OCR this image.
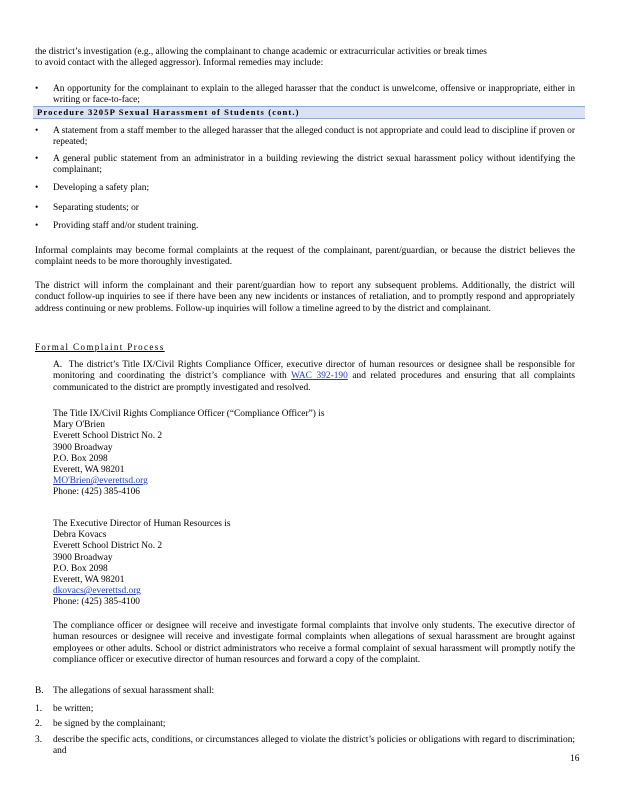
the district’s investigation (e.g., allowing the complainant to change academic or extracurricular activities or break times
to avoid contact with the alleged aggressor). Informal remedies may include:
•	An opportunity for the complainant to explain to the alleged harasser that the conduct is unwelcome, offensive or inappropriate, either in writing or face-to-face;
Procedure 3205P Sexual Harassment of Students (cont.)
•	A statement from a staff member to the alleged harasser that the alleged conduct is not appropriate and could lead to discipline if proven or repeated;
•	A general public statement from an administrator in a building reviewing the district sexual harassment policy without identifying the complainant;
•	Developing a safety plan;
•	Separating students; or
•	Providing staff and/or student training.
Informal complaints may become formal complaints at the request of the complainant, parent/guardian, or because the district believes the complaint needs to be more thoroughly investigated.
The district will inform the complainant and their parent/guardian how to report any subsequent problems. Additionally, the district will conduct follow-up inquiries to see if there have been any new incidents or instances of retaliation, and to promptly respond and appropriately address continuing or new problems. Follow-up inquiries will follow a timeline agreed to by the district and complainant.
Formal Complaint Process
A. The district’s Title IX/Civil Rights Compliance Officer, executive director of human resources or designee shall be responsible for monitoring and coordinating the district’s compliance with WAC 392-190 and related procedures and ensuring that all complaints communicated to the district are promptly investigated and resolved.
The Title IX/Civil Rights Compliance Officer (“Compliance Officer”) is
Mary O'Brien
Everett School District No. 2
3900 Broadway
P.O. Box 2098
Everett, WA 98201
MO'Brien@everettsd.org
Phone: (425) 385-4106
The Executive Director of Human Resources is
Debra Kovacs
Everett School District No. 2
3900 Broadway
P.O. Box 2098
Everett, WA 98201
dkovacs@everettsd.org
Phone: (425) 385-4100
The compliance officer or designee will receive and investigate formal complaints that involve only students. The executive director of human resources or designee will receive and investigate formal complaints when allegations of sexual harassment are brought against employees or other adults. School or district administrators who receive a formal complaint of sexual harassment will promptly notify the compliance officer or executive director of human resources and forward a copy of the complaint.
B. The allegations of sexual harassment shall:
1. be written;
2. be signed by the complainant;
3. describe the specific acts, conditions, or circumstances alleged to violate the district’s policies or obligations with regard to discrimination; and
16
